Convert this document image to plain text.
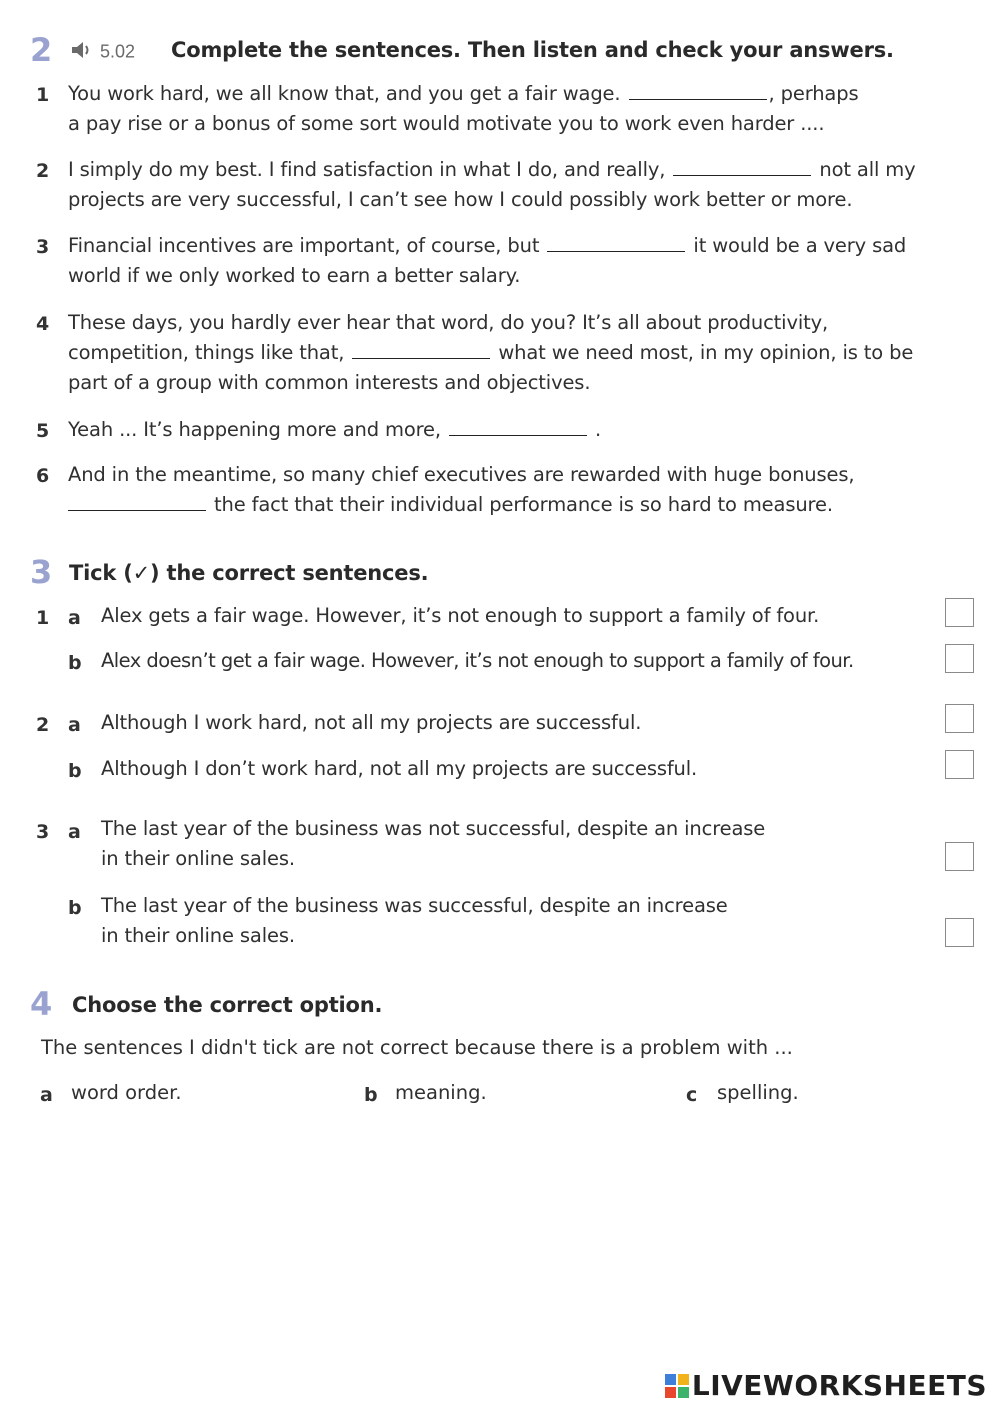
2	5.02 Complete the sentences. Then listen and check your answers.
1 You work hard, we all know that, and you get a fair wage.	, perhaps
a pay rise or a bonus of some sort would motivate you to work even harder ....
2 I simply do my best. I find satisfaction in what I do, and really,	not all my
projects are very successful, I can’t see how I could possibly work better or more.
3 Financial incentives are important, of course, but	it would be a very sad
world if we only worked to earn a better salary.
4 These days, you hardly ever hear that word, do you? It’s all about productivity,
competition, things like that,	what we need most, in my opinion, is to be
part of a group with common interests and objectives.
5 Yeah ... It’s happening more and more,	.
6 And in the meantime, so many chief executives are rewarded with huge bonuses,
the fact that their individual performance is so hard to measure.
3 Tick (✓) the correct sentences.
1 a Alex gets a fair wage. However, it’s not enough to support a family of four.
b Alex doesn’t get a fair wage. However, it’s not enough to support a family of four.
2 a Although I work hard, not all my projects are successful.
b Although I don’t work hard, not all my projects are successful.
3 a The last year of the business was not successful, despite an increase
in their online sales.
b The last year of the business was successful, despite an increase
in their online sales.
4 Choose the correct option.
The sentences I didn't tick are not correct because there is a problem with ...
a word order.	b meaning.	c spelling.
LIVEWORKSHEETS
